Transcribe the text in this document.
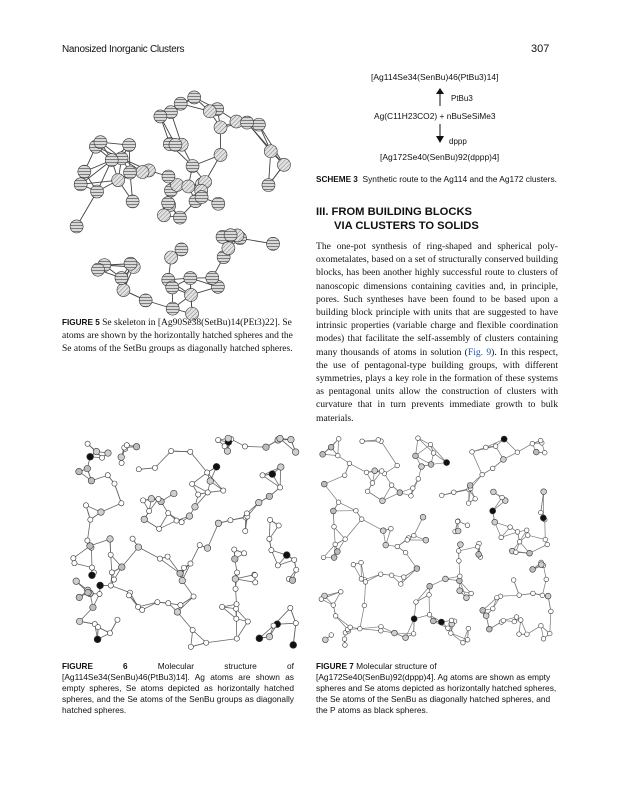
Nanosized Inorganic Clusters	307
FIGURE 5 Se skeleton in [Ag90Se38(SetBu)14(PEt3)22]. Se atoms are shown by the horizontally hatched spheres and the Se atoms of the SetBu groups as diagonally hatched spheres.
[Ag114Se34(SenBu)46(PtBu3)14]
PtBu3
Ag(C11H23CO2) + nBuSeSiMe3
dppp
[Ag172Se40(SenBu)92(dppp)4]
SCHEME 3 Synthetic route to the Ag114 and the Ag172 clusters.
III. FROM BUILDING BLOCKS
VIA CLUSTERS TO SOLIDS
The one-pot synthesis of ring-shaped and spherical poly-oxometalates, based on a set of structurally conserved building blocks, has been another highly successful route to clusters of nanoscopic dimensions containing cavities and, in principle, pores. Such syntheses have been found to be based upon a building block principle with units that are suggested to have intrinsic properties (variable charge and flexible coordination modes) that facilitate the self-assembly of clusters containing many thousands of atoms in solution (Fig. 9). In this respect, the use of pentagonal-type building groups, with different symmetries, plays a key role in the formation of these systems as pentagonal units allow the construction of clusters with curvature that in turn prevents immediate growth to bulk materials.
FIGURE 6	Molecular structure of [Ag114Se34(SenBu)46(PtBu3)14]. Ag atoms are shown as empty spheres, Se atoms depicted as horizontally hatched spheres, and the Se atoms of the SenBu groups as diagonally hatched spheres.
FIGURE 7 Molecular structure of [Ag172Se40(SenBu)92(dppp)4]. Ag atoms are shown as empty spheres and Se atoms depicted as horizontally hatched spheres, the Se atoms of the SenBu as diagonally hatched spheres, and the P atoms as black spheres.
